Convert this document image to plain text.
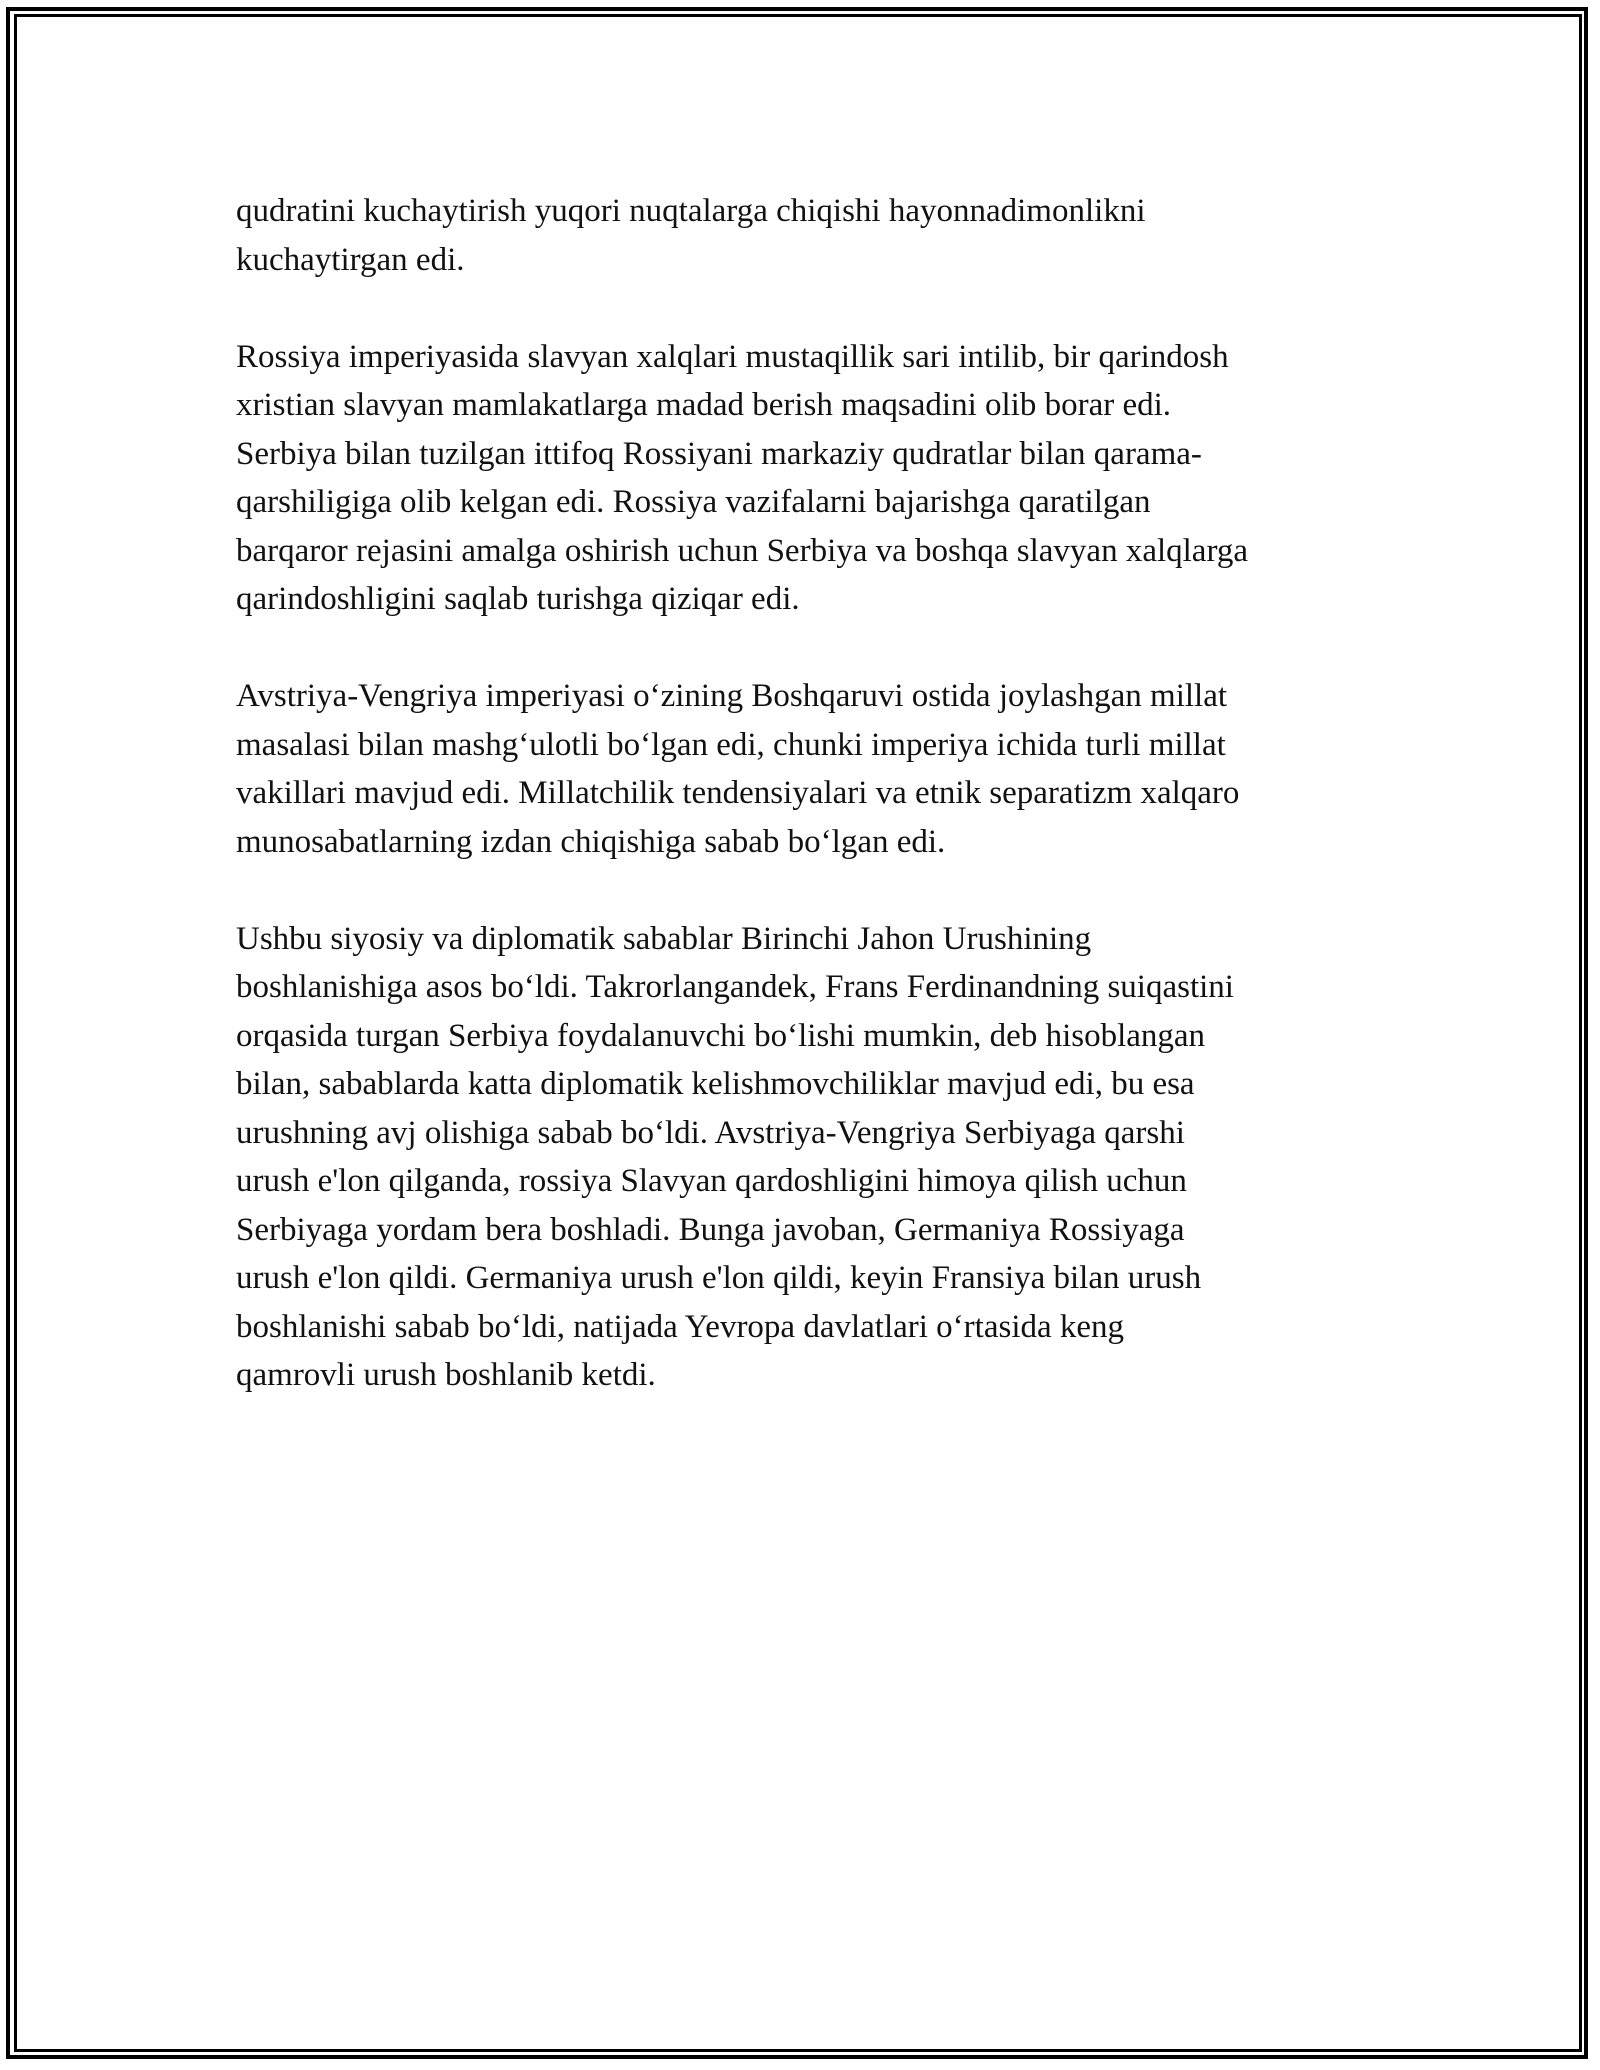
qudratini kuchaytirish yuqori nuqtalarga chiqishi hayonnadimonlikni
kuchaytirgan edi.

Rossiya imperiyasida slavyan xalqlari mustaqillik sari intilib, bir qarindosh
xristian slavyan mamlakatlarga madad berish maqsadini olib borar edi.
Serbiya bilan tuzilgan ittifoq Rossiyani markaziy qudratlar bilan qarama-
qarshiligiga olib kelgan edi. Rossiya vazifalarni bajarishga qaratilgan
barqaror rejasini amalga oshirish uchun Serbiya va boshqa slavyan xalqlarga
qarindoshligini saqlab turishga qiziqar edi.

Avstriya-Vengriya imperiyasi o‘zining Boshqaruvi ostida joylashgan millat
masalasi bilan mashg‘ulotli bo‘lgan edi, chunki imperiya ichida turli millat
vakillari mavjud edi. Millatchilik tendensiyalari va etnik separatizm xalqaro
munosabatlarning izdan chiqishiga sabab bo‘lgan edi.

Ushbu siyosiy va diplomatik sabablar Birinchi Jahon Urushining
boshlanishiga asos bo‘ldi. Takrorlangandek, Frans Ferdinandning suiqastini
orqasida turgan Serbiya foydalanuvchi bo‘lishi mumkin, deb hisoblangan
bilan, sabablarda katta diplomatik kelishmovchiliklar mavjud edi, bu esa
urushning avj olishiga sabab bo‘ldi. Avstriya-Vengriya Serbiyaga qarshi
urush e'lon qilganda, rossiya Slavyan qardoshligini himoya qilish uchun
Serbiyaga yordam bera boshladi. Bunga javoban, Germaniya Rossiyaga
urush e'lon qildi. Germaniya urush e'lon qildi, keyin Fransiya bilan urush
boshlanishi sabab bo‘ldi, natijada Yevropa davlatlari o‘rtasida keng
qamrovli urush boshlanib ketdi.
